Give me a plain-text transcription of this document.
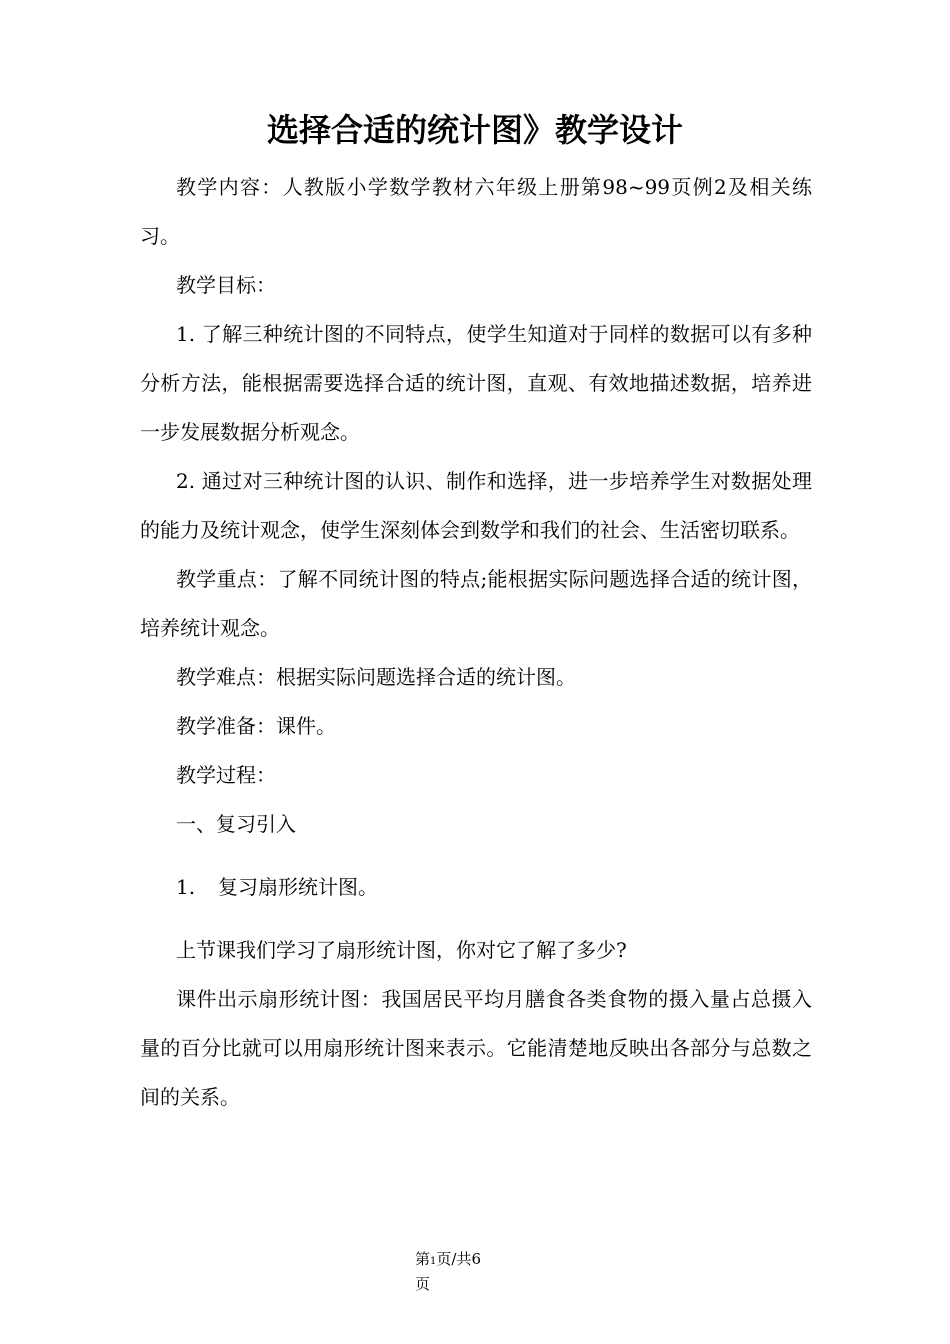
选择合适的统计图》教学设计

教学内容：人教版小学数学教材六年级上册第98~99页例2及相关练习。

教学目标：

1. 了解三种统计图的不同特点，使学生知道对于同样的数据可以有多种分析方法，能根据需要选择合适的统计图，直观、有效地描述数据，培养进一步发展数据分析观念。

2. 通过对三种统计图的认识、制作和选择，进一步培养学生对数据处理的能力及统计观念，使学生深刻体会到数学和我们的社会、生活密切联系。

教学重点：了解不同统计图的特点;能根据实际问题选择合适的统计图，培养统计观念。

教学难点：根据实际问题选择合适的统计图。

教学准备：课件。

教学过程：

一、复习引入

1. 复习扇形统计图。

上节课我们学习了扇形统计图，你对它了解了多少?

课件出示扇形统计图：我国居民平均月膳食各类食物的摄入量占总摄入量的百分比就可以用扇形统计图来表示。它能清楚地反映出各部分与总数之间的关系。

第1页/共6
页
